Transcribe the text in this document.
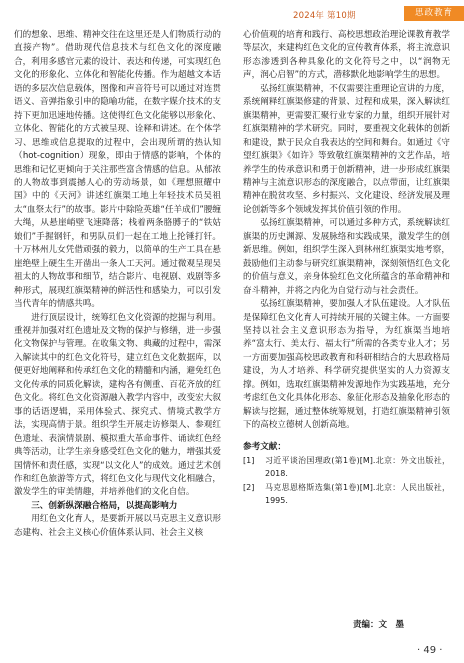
2024年 第10期	思政教育

们的想象、思维、精神交往在这里还是人们物质行动的直接产物”。借助现代信息技术与红色文化的深度融合，利用多感官元素的设计、表达和传递，可实现红色文化的形象化、立体化和智能化传播。作为超越文本话语的多层次信息载体，图像和声音符号可以通过对连贯语义、音弹指象引申的隐喻功能，在数字媒介技术的支持下更加迅速地传播。这使得红色文化能够以形象化、立体化、智能化的方式被呈现、诠释和讲述。在个体学习、思维或信息提取的过程中，会出现所谓的热认知（hot-cognition）现象，即由于情感的影响，个体的思维和记忆更倾向于关注那些富含情感的信息。从郁浓的人物故事到震撼人心的劳动场景，如《理想照耀中国》中的《天河》讲述红旗渠工地上年轻技术员吴祖太“血祭太行”的故事。影片中除险英雄“任羊成们”腰缠大绳，从悬崖峭壁飞速降落；栈着两条胳膊子的“铁姑娘们”手握钢钎，和男队员们一起在工地上抡锤打钎。十万林州儿女凭借顽强的毅力，以简单的生产工具在悬崖绝壁上硬生生开凿出一条人工天河。通过微观呈现吴祖太的人物故事和细节，结合影片、电视剧、戏剧等多种形式，展现红旗渠精神的鲜活性和感染力，可以引发当代青年的情感共鸣。

进行顶层设计，统筹红色文化资源的挖掘与利用。重视并加强对红色遗址及文物的保护与修缮，进一步强化文物保护与管理。在收集文物、典藏的过程中，需深入解读其中的红色文化符号，建立红色文化数据库，以便更好地阐释和传承红色文化的精髓和内涵，避免红色文化传承的同质化解读，建构各有侧重、百花齐放的红色文化。将红色文化资源融入教学内容中，改变宏大叙事的话语逻辑，采用体验式、探究式、情境式教学方法，实现高情于景。组织学生开展走访修渠人、参观红色遗址、表演情景剧、模拟重大革命事件、诵读红色经典等活动，让学生亲身感受红色文化的魅力，增强其爱国情怀和责任感，实现“以文化人”的成效。通过艺术创作和红色旅游等方式，将红色文化与现代文化相融合，激发学生的审美情趣，并培养他们的文化自信。

三、创新纵深融合格局，以提高影响力

用红色文化育人，是要新开展以马克思主义意识形态建构、社会主义核心价值体系认同、社会主义核

心价值观的培育和践行、高校思想政治理论课教育教学等层次，来建构红色文化的宣传教育体系，将主流意识形态渗透到各种具象化的文化符号之中，以“润物无声，润心启智”的方式，潜移默化地影响学生的思想。

弘扬红旗渠精神，不仅需要注重理论宣讲的力度，系统阐释红旗渠修建的背景、过程和成果，深入解读红旗渠精神，更需要汇聚行业专家的力量，组织开展针对红旗渠精神的学术研究。同时，要重视文化载体的创新和建设，默于民众自我表达的空间和舞台。如通过《守望红旗渠》《如许》等致敬红旗渠精神的文艺作品，培养学生的传承意识和勇于创新精神，进一步形成红旗渠精神与主流意识形态的深度融合，以点带面，让红旗渠精神在脱贫攻坚、乡村振兴、文化建设、经济发展及理论创新等多个领域发挥其价值引领的作用。

弘扬红旗渠精神，可以通过多种方式，系统解读红旗渠的历史渊源、发展脉络和实践成果，激发学生的创新思维。例如，组织学生深入到林州红旗渠实地考察，鼓励他们主动参与研究红旗渠精神，深刻领悟红色文化的价值与意义，亲身体验红色文化所蕴含的革命精神和奋斗精神，并将之内化为自觉行动与社会责任。

弘扬红旗渠精神，要加强人才队伍建设。人才队伍是保障红色文化育人可持续开展的关键主体。一方面要坚持以社会主义意识形态为指导，为红旗渠当地培养“富太行、美太行、福太行”所需的各类专业人才；另一方面要加强高校思政教育和科研相结合的大思政格局建设，为人才培养、科学研究提供坚实的人力资源支撑。例如，选取红旗渠精神发源地作为实践基地，充分考虑红色文化具体化形态、象征化形态及抽象化形态的解读与挖掘，通过整体统筹规划，打造红旗渠精神引领下的高校立德树人创新高地。

参考文献：

[1] 习近平谈治国理政(第1卷)[M].北京：外文出版社，2018.

[2] 马克思恩格斯选集(第1卷)[M].北京：人民出版社，1995.

责编：文　墨
· 49 ·
